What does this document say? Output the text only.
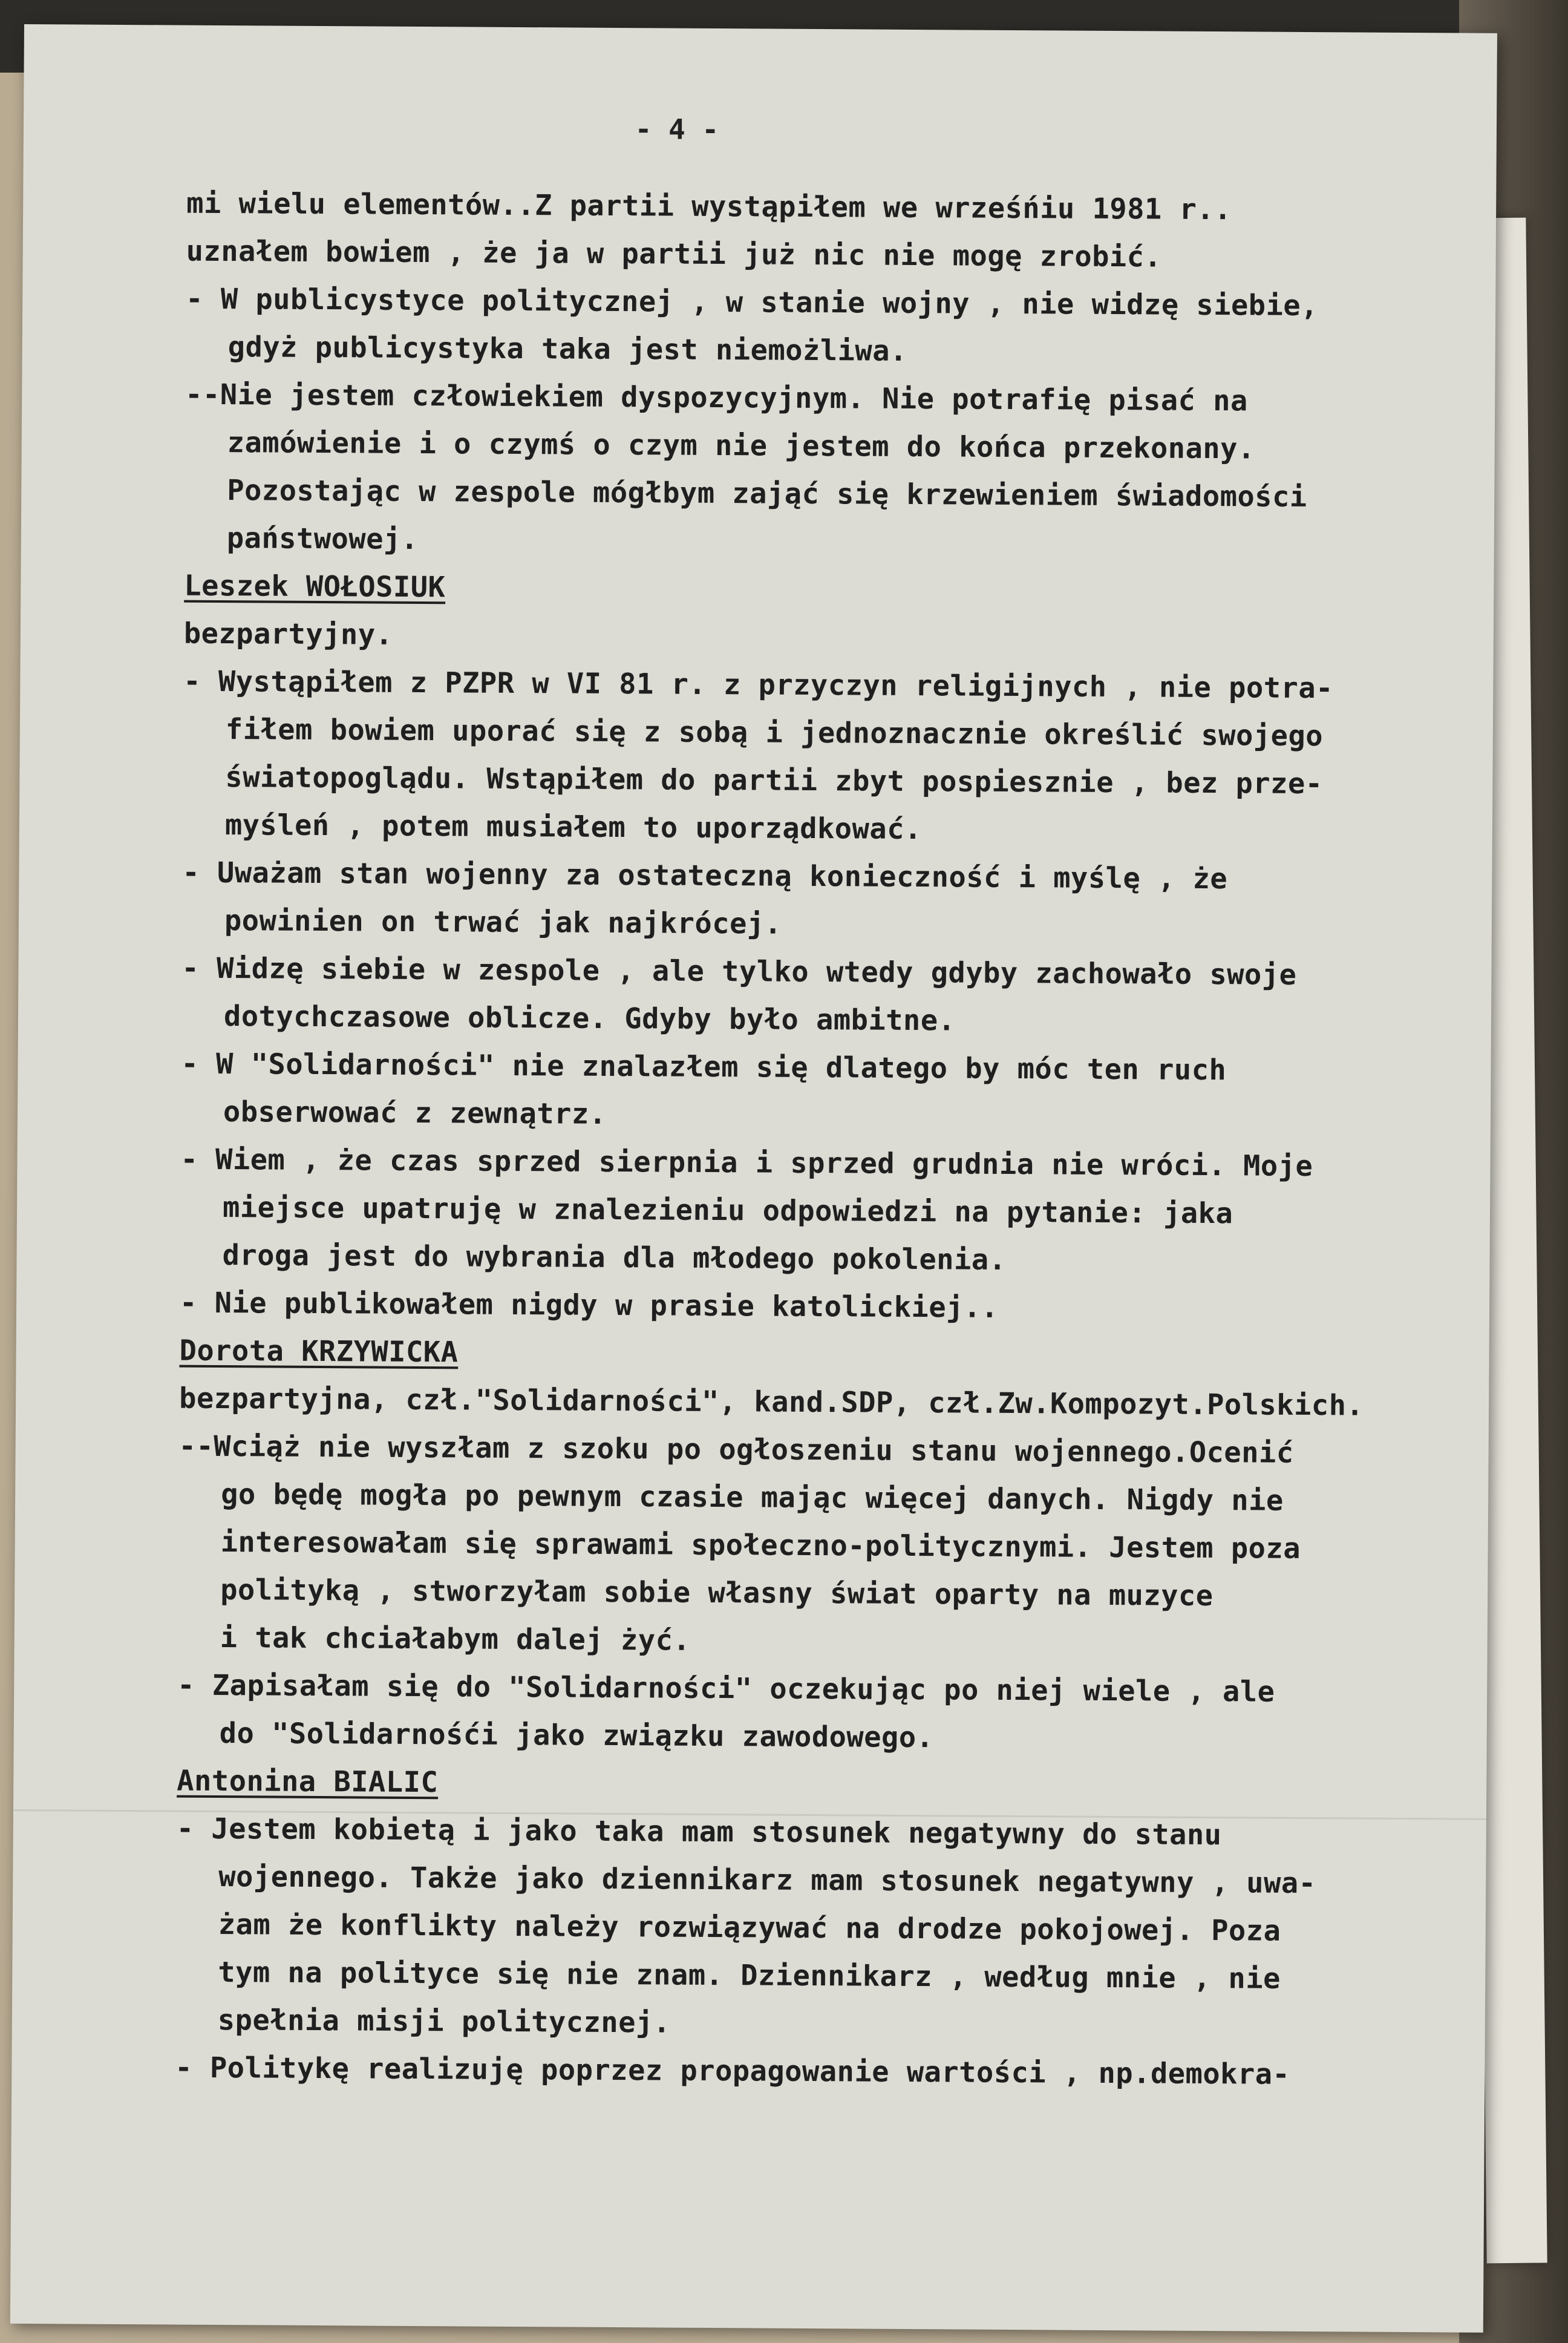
- 4 -
mi wielu elementów..Z partii wystąpiłem we wrześńiu 1981 r..
uznałem bowiem , że ja w partii już nic nie mogę zrobić.
- W publicystyce politycznej , w stanie wojny , nie widzę siebie,
gdyż publicystyka taka jest niemożliwa.
--Nie jestem człowiekiem dyspozycyjnym. Nie potrafię pisać na
zamówienie i o czymś o czym nie jestem do końca przekonany.
Pozostając w zespole mógłbym zająć się krzewieniem świadomości
państwowej.
Leszek WOŁOSIUK
bezpartyjny.
- Wystąpiłem z PZPR w VI 81 r. z przyczyn religijnych , nie potra-
fiłem bowiem uporać się z sobą i jednoznacznie określić swojego
światopoglądu. Wstąpiłem do partii zbyt pospiesznie , bez prze-
myśleń , potem musiałem to uporządkować.
- Uważam stan wojenny za ostateczną konieczność i myślę , że
powinien on trwać jak najkrócej.
- Widzę siebie w zespole , ale tylko wtedy gdyby zachowało swoje
dotychczasowe oblicze. Gdyby było ambitne.
- W "Solidarności" nie znalazłem się dlatego by móc ten ruch
obserwować z zewnątrz.
- Wiem , że czas sprzed sierpnia i sprzed grudnia nie wróci. Moje
miejsce upatruję w znalezieniu odpowiedzi na pytanie: jaka
droga jest do wybrania dla młodego pokolenia.
- Nie publikowałem nigdy w prasie katolickiej..
Dorota KRZYWICKA
bezpartyjna, czł."Solidarności", kand.SDP, czł.Zw.Kompozyt.Polskich.
--Wciąż nie wyszłam z szoku po ogłoszeniu stanu wojennego.Ocenić
go będę mogła po pewnym czasie mając więcej danych. Nigdy nie
interesowałam się sprawami społeczno-politycznymi. Jestem poza
polityką , stworzyłam sobie własny świat oparty na muzyce
i tak chciałabym dalej żyć.
- Zapisałam się do "Solidarności" oczekując po niej wiele , ale
do "Solidarnośći jako związku zawodowego.
Antonina BIALIC
- Jestem kobietą i jako taka mam stosunek negatywny do stanu
wojennego. Także jako dziennikarz mam stosunek negatywny , uwa-
żam że konflikty należy rozwiązywać na drodze pokojowej. Poza
tym na polityce się nie znam. Dziennikarz , według mnie , nie
spełnia misji politycznej.
- Politykę realizuję poprzez propagowanie wartości , np.demokra-
